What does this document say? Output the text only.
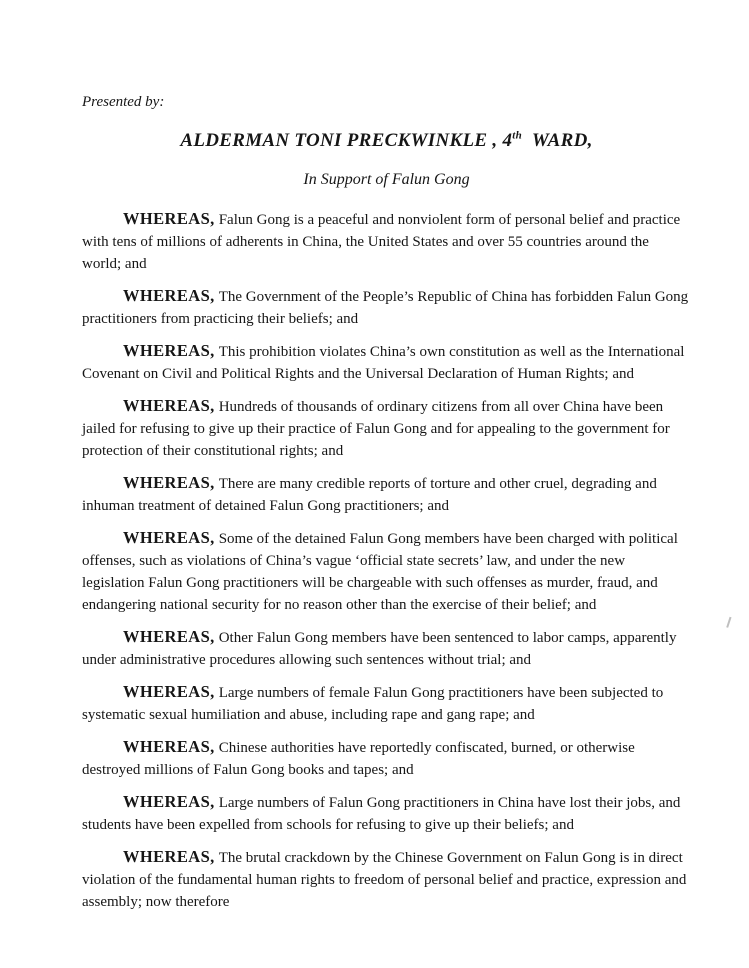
Presented by:
ALDERMAN TONI PRECKWINKLE , 4th  WARD,
In Support of Falun Gong

WHEREAS, Falun Gong is a peaceful and nonviolent form of personal belief and practice with tens of millions of adherents in China, the United States and over 55 countries around the world; and

WHEREAS, The Government of the People’s Republic of China has forbidden Falun Gong practitioners from practicing their beliefs; and

WHEREAS, This prohibition violates China’s own constitution as well as the International Covenant on Civil and Political Rights and the Universal Declaration of Human Rights; and

WHEREAS, Hundreds of thousands of ordinary citizens from all over China have been jailed for refusing to give up their practice of Falun Gong and for appealing to the government for protection of their constitutional rights; and

WHEREAS, There are many credible reports of torture and other cruel, degrading and inhuman treatment of detained Falun Gong practitioners; and

WHEREAS, Some of the detained Falun Gong members have been charged with political offenses, such as violations of China’s vague ‘official state secrets’ law, and under the new legislation Falun Gong practitioners will be chargeable with such offenses as murder, fraud, and endangering national security for no reason other than the exercise of their belief; and

WHEREAS, Other Falun Gong members have been sentenced to labor camps, apparently under administrative procedures allowing such sentences without trial; and

WHEREAS, Large numbers of female Falun Gong practitioners have been subjected to systematic sexual humiliation and abuse, including rape and gang rape; and

WHEREAS, Chinese authorities have reportedly confiscated, burned, or otherwise destroyed millions of Falun Gong books and tapes; and

WHEREAS, Large numbers of Falun Gong practitioners in China have lost their jobs, and students have been expelled from schools for refusing to give up their beliefs; and

WHEREAS, The brutal crackdown by the Chinese Government on Falun Gong is in direct violation of the fundamental human rights to freedom of personal belief and practice, expression and assembly; now therefore
